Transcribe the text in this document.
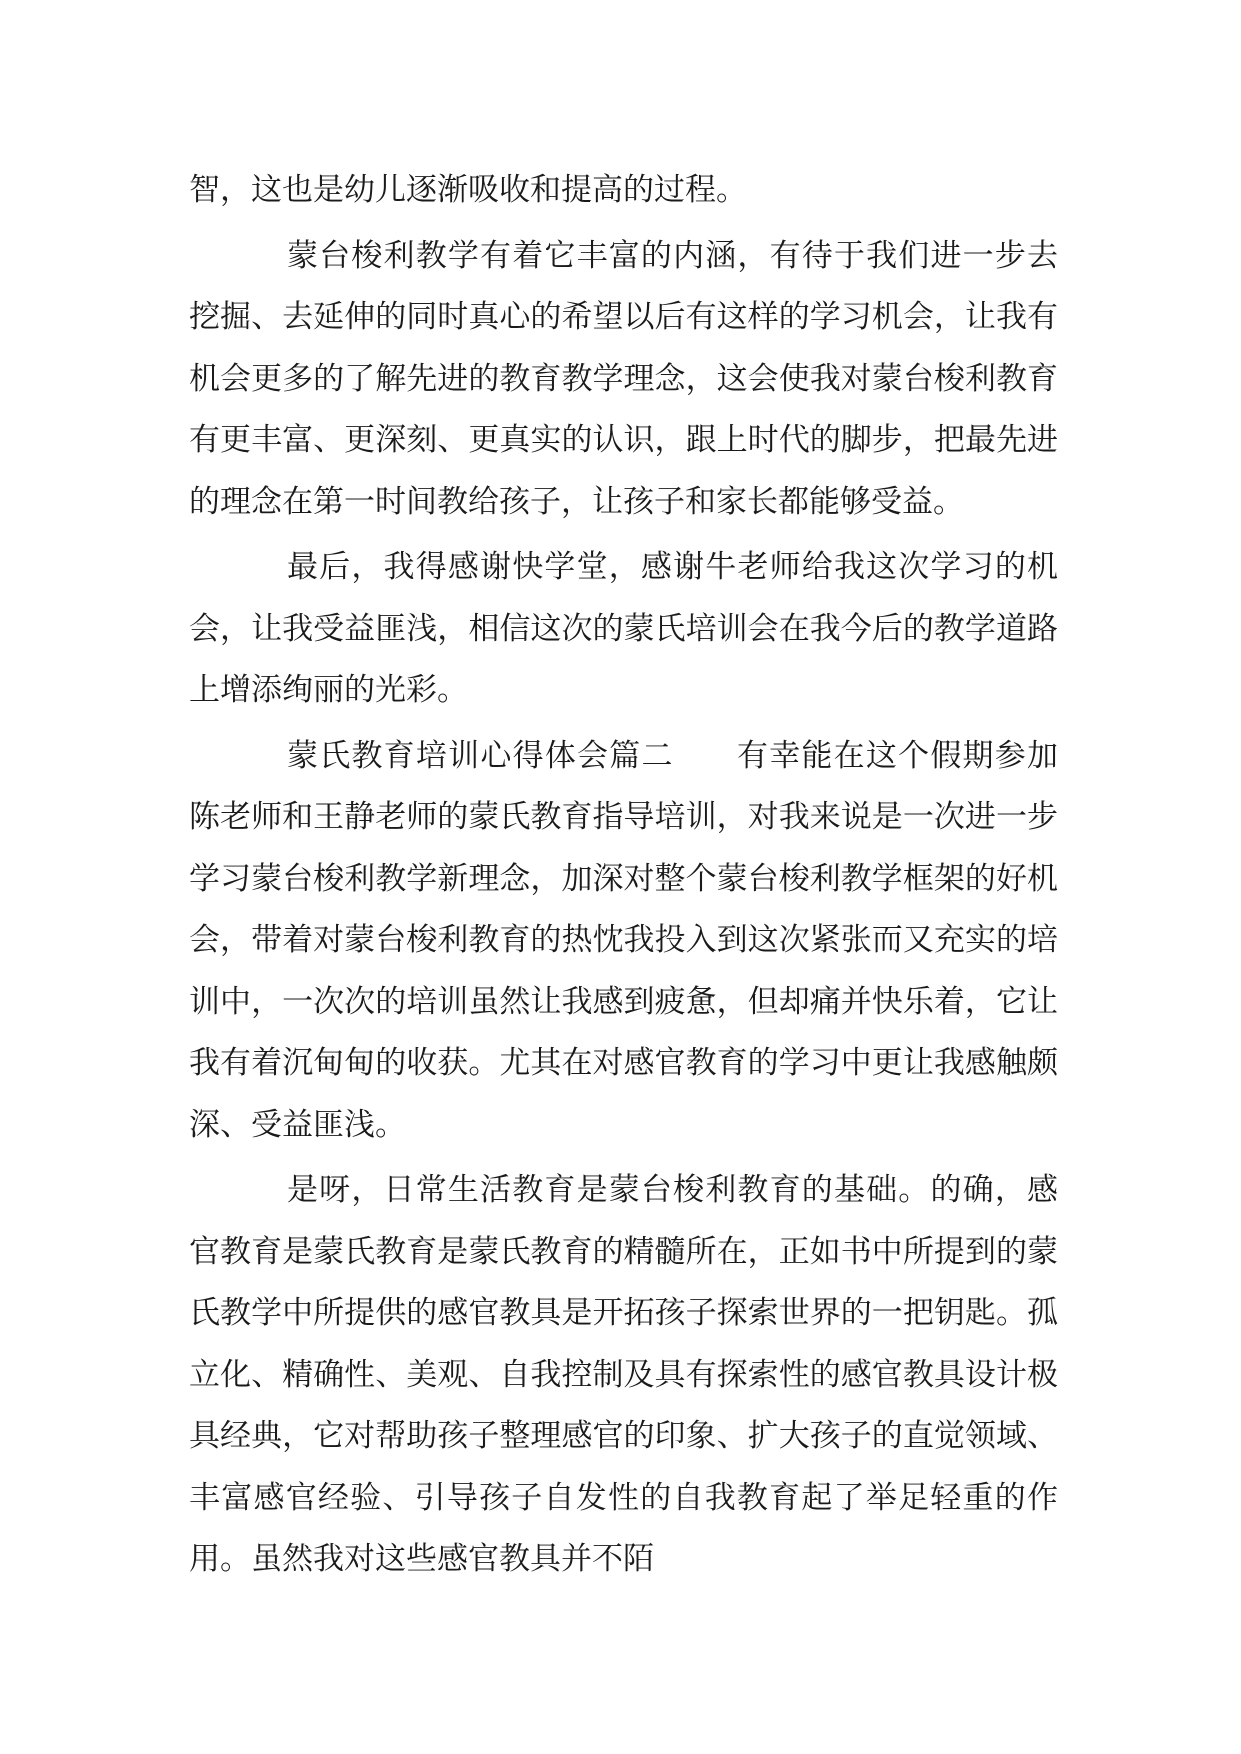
智，这也是幼儿逐渐吸收和提高的过程。

蒙台梭利教学有着它丰富的内涵，有待于我们进一步去挖掘、去延伸的同时真心的希望以后有这样的学习机会，让我有机会更多的了解先进的教育教学理念，这会使我对蒙台梭利教育有更丰富、更深刻、更真实的认识，跟上时代的脚步，把最先进的理念在第一时间教给孩子，让孩子和家长都能够受益。

最后，我得感谢快学堂，感谢牛老师给我这次学习的机会，让我受益匪浅，相信这次的蒙氏培训会在我今后的教学道路上增添绚丽的光彩。

蒙氏教育培训心得体会篇二 有幸能在这个假期参加陈老师和王静老师的蒙氏教育指导培训，对我来说是一次进一步学习蒙台梭利教学新理念，加深对整个蒙台梭利教学框架的好机会，带着对蒙台梭利教育的热忱我投入到这次紧张而又充实的培训中，一次次的培训虽然让我感到疲惫，但却痛并快乐着，它让我有着沉甸甸的收获。尤其在对感官教育的学习中更让我感触颇深、受益匪浅。

是呀，日常生活教育是蒙台梭利教育的基础。的确，感官教育是蒙氏教育是蒙氏教育的精髓所在，正如书中所提到的蒙氏教学中所提供的感官教具是开拓孩子探索世界的一把钥匙。孤立化、精确性、美观、自我控制及具有探索性的感官教具设计极具经典，它对帮助孩子整理感官的印象、扩大孩子的直觉领域、丰富感官经验、引导孩子自发性的自我教育起了举足轻重的作用。虽然我对这些感官教具并不陌
